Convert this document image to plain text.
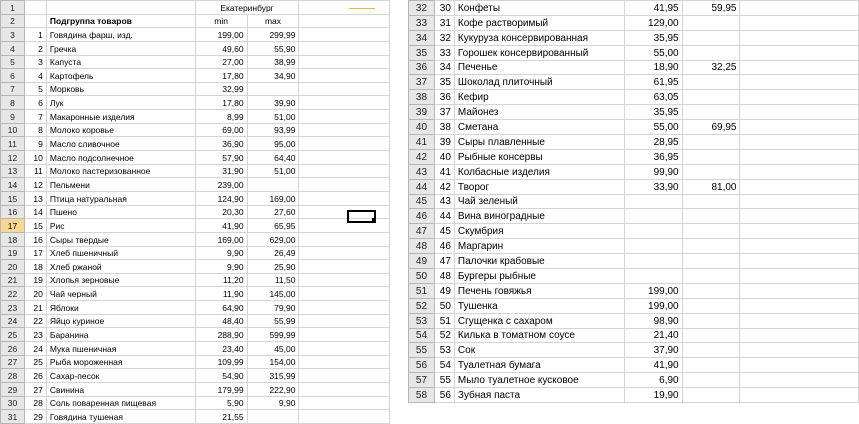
1			Екатеринбург		
2		Подгруппа товаров	min	max	
3	1	Говядина фарш, изд.	199,00	299,99	
4	2	Гречка	49,60	55,90	
5	3	Капуста	27,00	38,99	
6	4	Картофель	17,80	34,90	
7	5	Морковь	32,99		
8	6	Лук	17,80	39,90	
9	7	Макаронные изделия	8,99	51,00	
10	8	Молоко коровье	69,00	93,99	
11	9	Масло сливочное	36,90	95,00	
12	10	Масло подсолнечное	57,90	64,40	
13	11	Молоко пастеризованное	31,90	51,00	
14	12	Пельмени	239,00		
15	13	Птица натуральная	124,90	169,00	
16	14	Пшено	20,30	27,60	
17	15	Рис	41,90	65,95	
18	16	Сыры твердые	169,00	629,00	
19	17	Хлеб пшеничный	9,90	26,49	
20	18	Хлеб ржаной	9,90	25,90	
21	19	Хлопья зерновые	11,20	11,50	
22	20	Чай черный	11,90	145,00	
23	21	Яблоки	64,90	79,90	
24	22	Яйцо куриное	48,40	55,99	
25	23	Баранина	288,90	599,99	
26	24	Мука пшеничная	23,40	45,00	
27	25	Рыба мороженная	109,99	154,00	
28	26	Сахар-песок	54,90	315,99	
29	27	Свинина	179,99	222,90	
30	28	Соль поваренная пищевая	5,90	9,90	
31	29	Говядина тушеная	21,55		
32	30	Конфеты	41,95	59,95	
33	31	Кофе растворимый	129,00		
34	32	Кукуруза консервированная	35,95		
35	33	Горошек консервированный	55,00		
36	34	Печенье	18,90	32,25	
37	35	Шоколад плиточный	61,95		
38	36	Кефир	63,05		
39	37	Майонез	35,95		
40	38	Сметана	55,00	69,95	
41	39	Сыры плавленные	28,95		
42	40	Рыбные консервы	36,95		
43	41	Колбасные изделия	99,90		
44	42	Творог	33,90	81,00	
45	43	Чай зеленый			
46	44	Вина виноградные			
47	45	Скумбрия			
48	46	Маргарин			
49	47	Палочки крабовые			
50	48	Бургеры рыбные			
51	49	Печень говяжья	199,00		
52	50	Тушенка	199,00		
53	51	Сгущенка с сахаром	98,90		
54	52	Килька в томатном соусе	21,40		
55	53	Сок	37,90		
56	54	Туалетная бумага	41,90		
57	55	Мыло туалетное кусковое	6,90		
58	56	Зубная паста	19,90		
